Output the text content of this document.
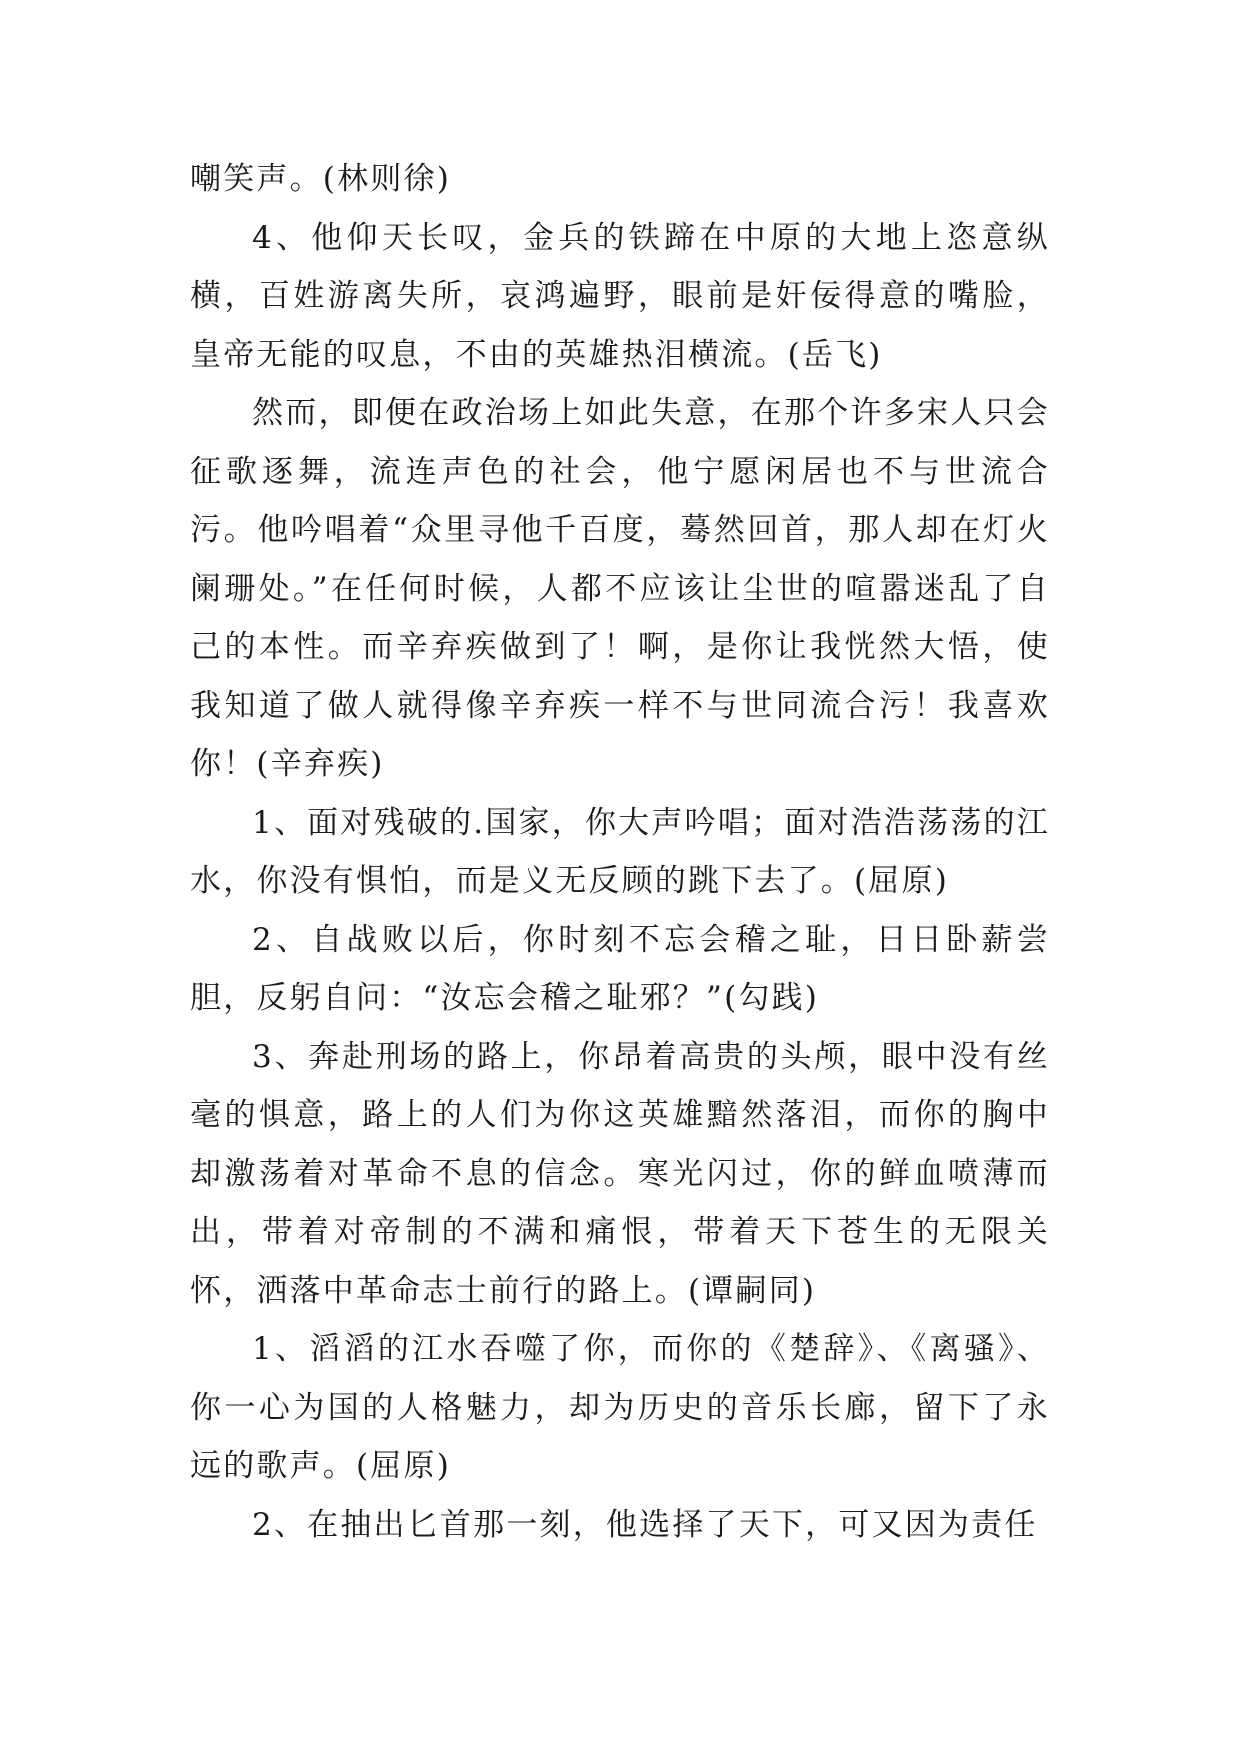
嘲笑声。(林则徐)

4、他仰天长叹，金兵的铁蹄在中原的大地上恣意纵横，百姓游离失所，哀鸿遍野，眼前是奸佞得意的嘴脸，皇帝无能的叹息，不由的英雄热泪横流。(岳飞)

然而，即便在政治场上如此失意，在那个许多宋人只会征歌逐舞，流连声色的社会，他宁愿闲居也不与世流合污。他吟唱着“众里寻他千百度，蓦然回首，那人却在灯火阑珊处。”在任何时候，人都不应该让尘世的喧嚣迷乱了自己的本性。而辛弃疾做到了！啊，是你让我恍然大悟，使我知道了做人就得像辛弃疾一样不与世同流合污！我喜欢你！(辛弃疾)

1、面对残破的.国家，你大声吟唱；面对浩浩荡荡的江水，你没有惧怕，而是义无反顾的跳下去了。(屈原)

2、自战败以后，你时刻不忘会稽之耻，日日卧薪尝胆，反躬自问：“汝忘会稽之耻邪？”(勾践)

3、奔赴刑场的路上，你昂着高贵的头颅，眼中没有丝毫的惧意，路上的人们为你这英雄黯然落泪，而你的胸中却激荡着对革命不息的信念。寒光闪过，你的鲜血喷薄而出，带着对帝制的不满和痛恨，带着天下苍生的无限关怀，洒落中革命志士前行的路上。(谭嗣同)

1、滔滔的江水吞噬了你，而你的《楚辞》、《离骚》、你一心为国的人格魅力，却为历史的音乐长廊，留下了永远的歌声。(屈原)

2、在抽出匕首那一刻，他选择了天下，可又因为责任
